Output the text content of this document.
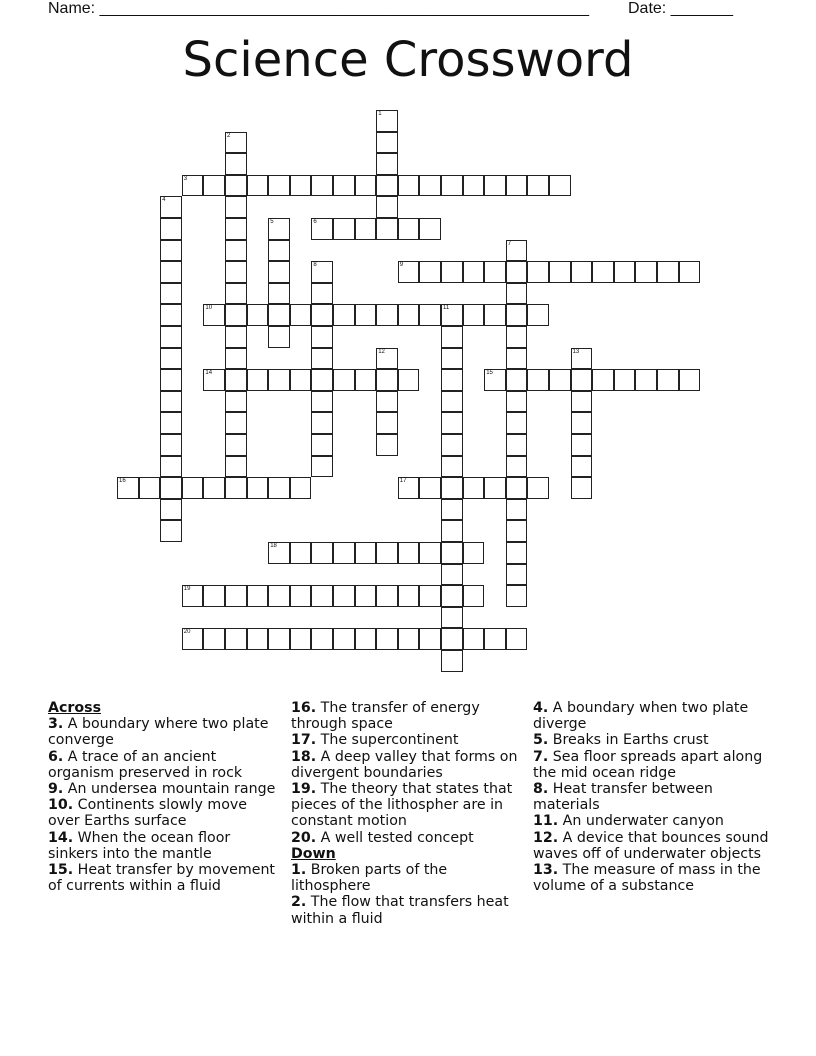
Name: _______________________________________________________ Date: _______
Science Crossword
1
2
3
4
5	6
7
8	9
10	11
12	13
14	15
16	17
18
19
20
Across
3. A boundary where two plate converge
6. A trace of an ancient organism preserved in rock
9. An undersea mountain range
10. Continents slowly move over Earths surface
14. When the ocean floor sinkers into the mantle
15. Heat transfer by movement of currents within a fluid
16. The transfer of energy through space
17. The supercontinent
18. A deep valley that forms on divergent boundaries
19. The theory that states that pieces of the lithospher are in constant motion
20. A well tested concept
Down
1. Broken parts of the lithosphere
2. The flow that transfers heat within a fluid
4. A boundary when two plate diverge
5. Breaks in Earths crust
7. Sea floor spreads apart along the mid ocean ridge
8. Heat transfer between materials
11. An underwater canyon
12. A device that bounces sound waves off of underwater objects
13. The measure of mass in the volume of a substance
